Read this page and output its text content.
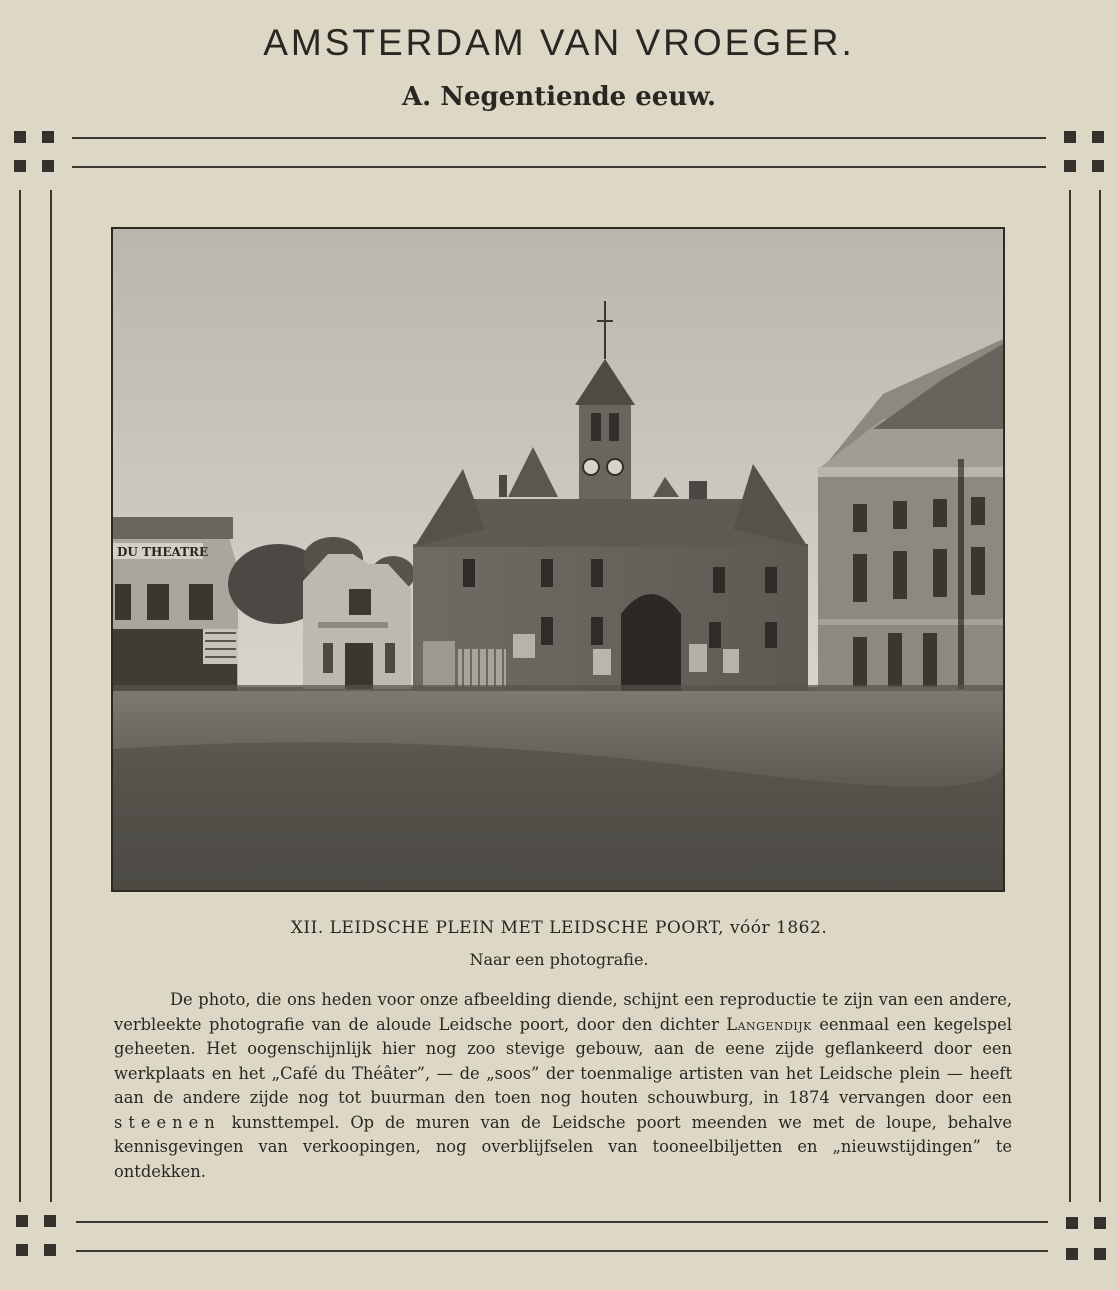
AMSTERDAM VAN VROEGER.
A. Negentiende eeuw.
DU THEATRE
XII. LEIDSCHE PLEIN MET LEIDSCHE POORT, vóór 1862.
Naar een photografie.

De photo, die ons heden voor onze afbeelding diende, schijnt een reproductie te zijn van een andere, verbleekte photografie van de aloude Leidsche poort, door den dichter Langendijk eenmaal een kegelspel geheeten. Het oogenschijnlijk hier nog zoo stevige gebouw, aan de eene zijde geflankeerd door een werkplaats en het „Café du Théâter”, — de „soos” der toenmalige artisten van het Leidsche plein — heeft aan de andere zijde nog tot buurman den toen nog houten schouwburg, in 1874 vervangen door een steenen kunsttempel. Op de muren van de Leidsche poort meenden we met de loupe, behalve kennisgevingen van verkoopingen, nog overblijfselen van tooneelbiljetten en „nieuwstijdingen” te ontdekken.
